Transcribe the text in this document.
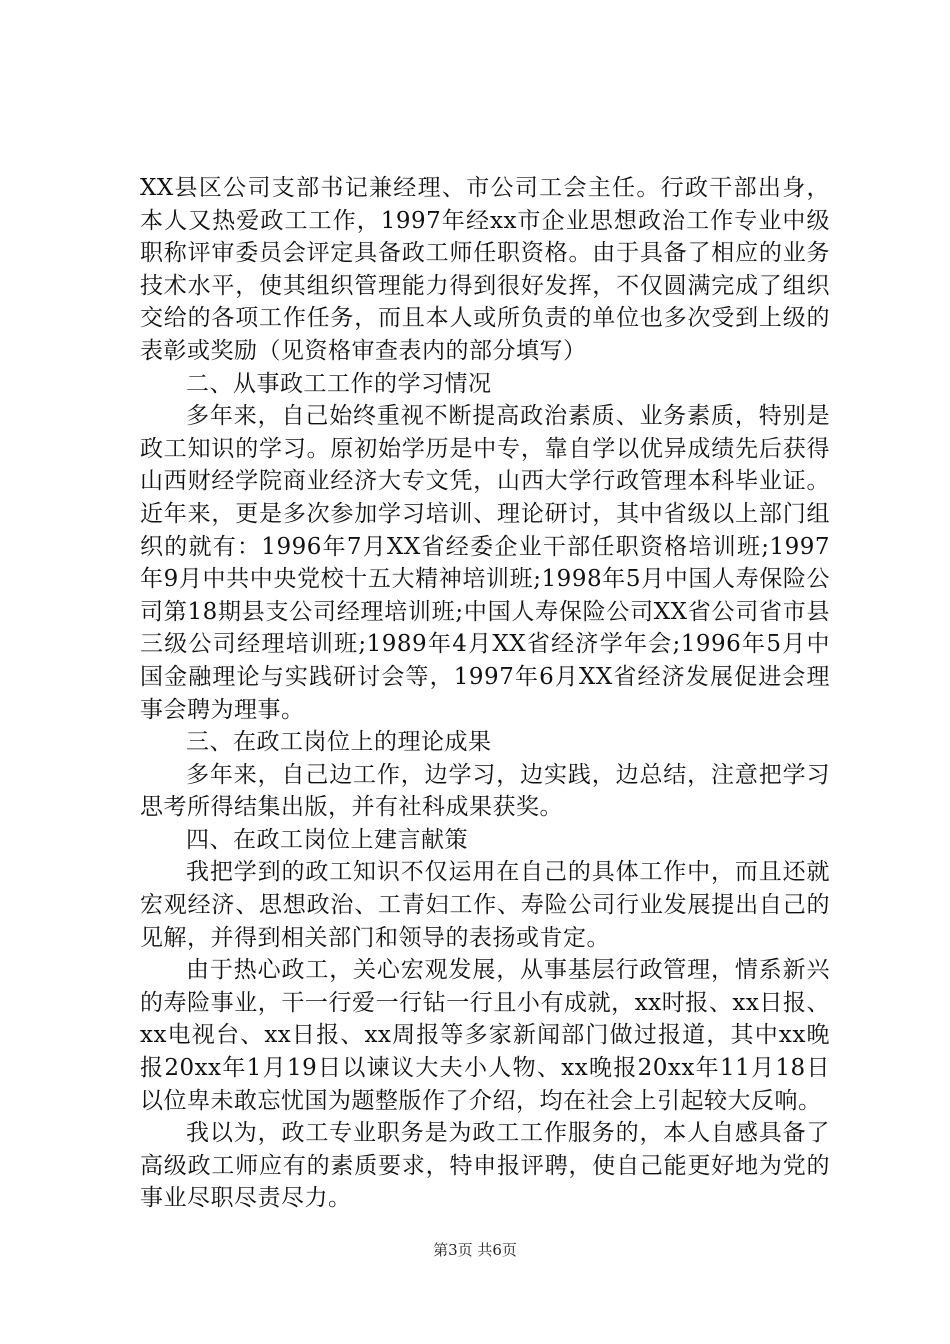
XX县区公司支部书记兼经理、市公司工会主任。行政干部出身，本人又热爱政工工作，1997年经xx市企业思想政治工作专业中级职称评审委员会评定具备政工师任职资格。由于具备了相应的业务技术水平，使其组织管理能力得到很好发挥，不仅圆满完成了组织交给的各项工作任务，而且本人或所负责的单位也多次受到上级的表彰或奖励（见资格审查表内的部分填写）

二、从事政工工作的学习情况

多年来，自己始终重视不断提高政治素质、业务素质，特别是政工知识的学习。原初始学历是中专，靠自学以优异成绩先后获得山西财经学院商业经济大专文凭，山西大学行政管理本科毕业证。近年来，更是多次参加学习培训、理论研讨，其中省级以上部门组织的就有：1996年7月XX省经委企业干部任职资格培训班;1997年9月中共中央党校十五大精神培训班;1998年5月中国人寿保险公司第18期县支公司经理培训班;中国人寿保险公司XX省公司省市县三级公司经理培训班;1989年4月XX省经济学年会;1996年5月中国金融理论与实践研讨会等，1997年6月XX省经济发展促进会理事会聘为理事。

三、在政工岗位上的理论成果

多年来，自己边工作，边学习，边实践，边总结，注意把学习思考所得结集出版，并有社科成果获奖。

四、在政工岗位上建言献策

我把学到的政工知识不仅运用在自己的具体工作中，而且还就宏观经济、思想政治、工青妇工作、寿险公司行业发展提出自己的见解，并得到相关部门和领导的表扬或肯定。

由于热心政工，关心宏观发展，从事基层行政管理，情系新兴的寿险事业，干一行爱一行钻一行且小有成就，xx时报、xx日报、xx电视台、xx日报、xx周报等多家新闻部门做过报道，其中xx晚报20xx年1月19日以谏议大夫小人物、xx晚报20xx年11月18日以位卑未敢忘忧国为题整版作了介绍，均在社会上引起较大反响。

我以为，政工专业职务是为政工工作服务的，本人自感具备了高级政工师应有的素质要求，特申报评聘，使自己能更好地为党的事业尽职尽责尽力。

第3页 共6页
